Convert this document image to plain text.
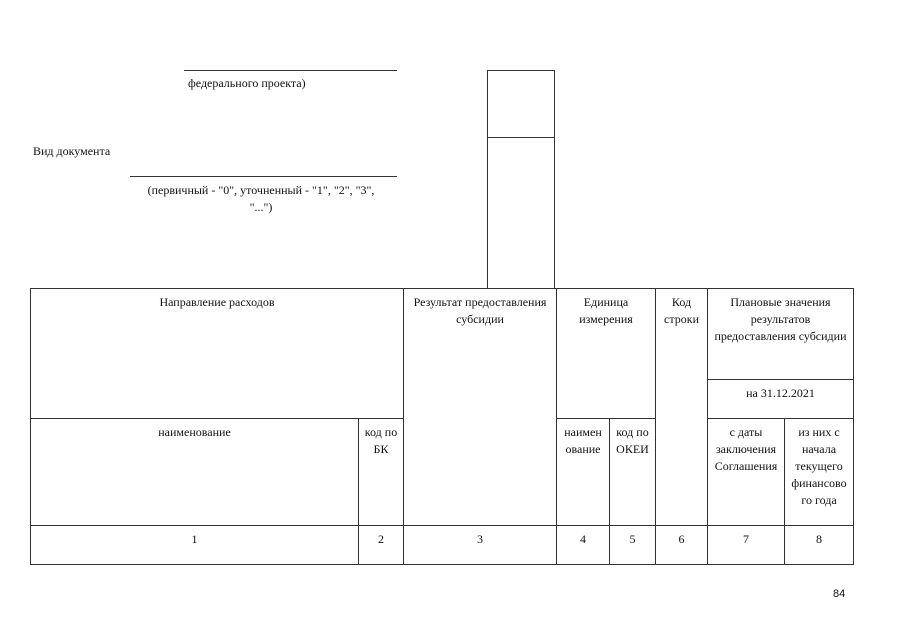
федерального проекта)
Вид документа
(первичный - "0", уточненный - "1", "2", "3",
"...")
Направление расходов		Результат предоставления субсидии	Единица измерения		Код строки	Плановые значения результатов предоставления субсидии	
						на 31.12.2021	
наименование	код по БК		наимен ование	код по ОКЕИ		с даты заключения Соглашения	из них с начала текущего финансово го года
1	2	3	4	5	6	7	8
84
